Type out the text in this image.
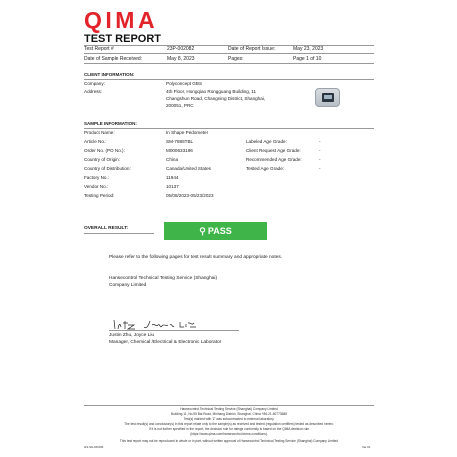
QIMA
TEST REPORT
Test Report #	23P-002082	Date of Report Issue:	May 23, 2023
Date of Sample Received:	May 8, 2023	Pages:	Page 1 of 10
CLIENT INFORMATION:
Company:	Polyconcept GBS
Address:	4th Floor, Hongqiao Rongguang Building, 11
Changshun Road, Changning District, Shanghai,
200051, PRC
SAMPLE INFORMATION:
Product Name:	In Shape Pedometer
Article No.:	SM-7886TBL	Labeled Age Grade:	-
Order No. (PO No.):	M000633196	Client Request Age Grade:	-
Country of Origin:	China	Recommended Age Grade:	-
Country of Distribution:	Canada/United States	Tested Age Grade:	-
Factory No.:	11944
Vendor No.:	10137
Testing Period:	05/08/2023-05/23/2023
OVERALL RESULT:	⚲ PASS
Please refer to the following pages for test result summary and appropriate notes.
Hansecontrol Technical Testing Service (Shanghai)
Company Limited
Justin Zhu, Joyce Liu
Manager, Chemical /Electrical & Electronic Laborator
Hansecontrol Technical Testing Service (Shanghai) Company Limited
Building 11, No.55 Bai Road, Minhang District, Shanghai, China +86-21-60773688
Test(s) marked with 'Z' was subcontracted to external laboratory.
The test result(s) and conclusion(s) in this report relate only to the sample(s) as received and tested (regulation certifiers) tested as described herein.
If it is not further specified in the report, the decision rule for ratings conformity is based on the QIMA decision rule
(https://www.qima.com/hansecontrol-terms-conditions).
This test report may not be reproduced in whole or in part, without written approval of Hansecontrol Technical Testing Service (Shanghai) Company Limited
HS-SH-RF006	Ver.01
